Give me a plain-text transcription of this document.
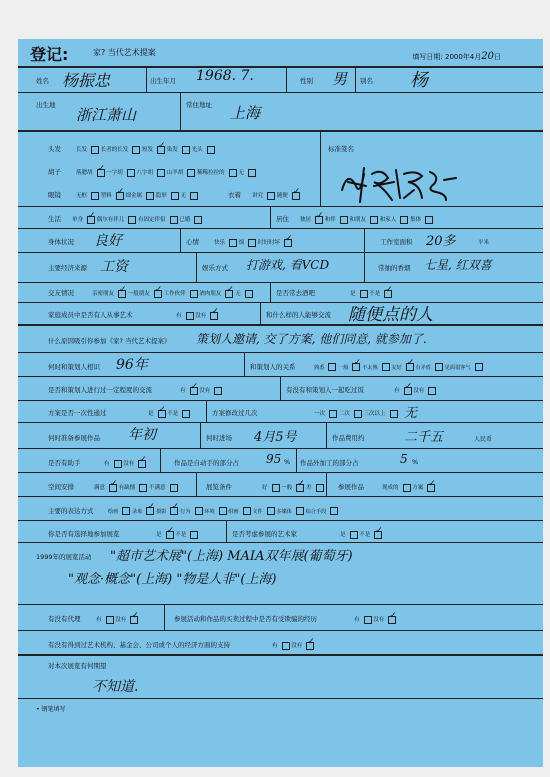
登记:	家? 当代艺术提案	填写日期: 2000年4月20日
姓名 杨振忠	出生年月 1968. 7.	性别 男 别名 杨
出生地
浙江萧山
常住地址 上海
头发	长发	长者的长发	短发 ✓	染发	光头
胡子	落腮胡 ✓	一字胡	八字胡	山羊胡	稀稀拉拉的	无
眼镜	无框	塑料 ✓	细金属	隐形	无	衣着 讲究	随便✓
标准签名
生活 单身 ✓	偶尔有伴儿	有固定伴侣	已婚	居住 独居 ✓	和伴	和朋友	和家人	集体
身体状况 良好	心情	快乐	烦	时好时坏 ✓	工作室面积 20多	平米
主要经济来源 工资	娱乐方式 打游戏, 看VCD	常抽的香烟 七星, 红双喜
交友情况	亲密朋友 ✓	一般朋友 ✓	工作伙伴	酒肉朋友 ✓	无	是否常去酒吧	是	不是✓
家庭成员中是否有人从事艺术	有	没有 ✓	和什么样的人能够交流 随便点的人
什么原因吸引你参加《家? 当代艺术提案》 策划人邀请, 交了方案, 他们同意, 就参加了.
何时和策划人相识 96年	和策划人的关系	熟悉	一般 ✓	不太熟	友好 ✓	有矛盾	见面很客气
是否和策划人进行过一定程度的交流	有 ✓	没有	有没有和策划人一起吃过饭	有 ✓	没有
方案是否一次性通过	是 ✓	不是	方案修改过几次	一次	二次	三次以上	无
何时准备参展作品 年初	何时进场 4月5号	作品费用约	二千五	人民币
是否有助手	有	没有 ✓	作品是自动手的部分占 95 % 作品外加工的部分占	5 %
空间安排	满意 ✓	有缺憾	不满意	展览条件	好	一般 ✓	差	参展作品	现成的	方案✓
主要的表达方式	绘画	录象 ✓	摄影 ✓	行为	环境	组画	文件	多媒体	综合手段
你是否有选择地参加展览	是 ✓	不是	是否考虑参展的艺术家	是	不是✓
1999年的展览活动 "超市艺术展"(上海) MAIA双年展(葡萄牙)
"观念·概念"(上海) "物是人非"(上海)
有没有代理	有	没有 ✓	参展活动和作品的买卖过程中是否有受欺骗的经历	有	没有✓
有没有得到过艺术机构、基金会、公司或个人的经济方面的支持	有	没有✓
对本次展览有何期望
不知道.
• 钢笔填写
